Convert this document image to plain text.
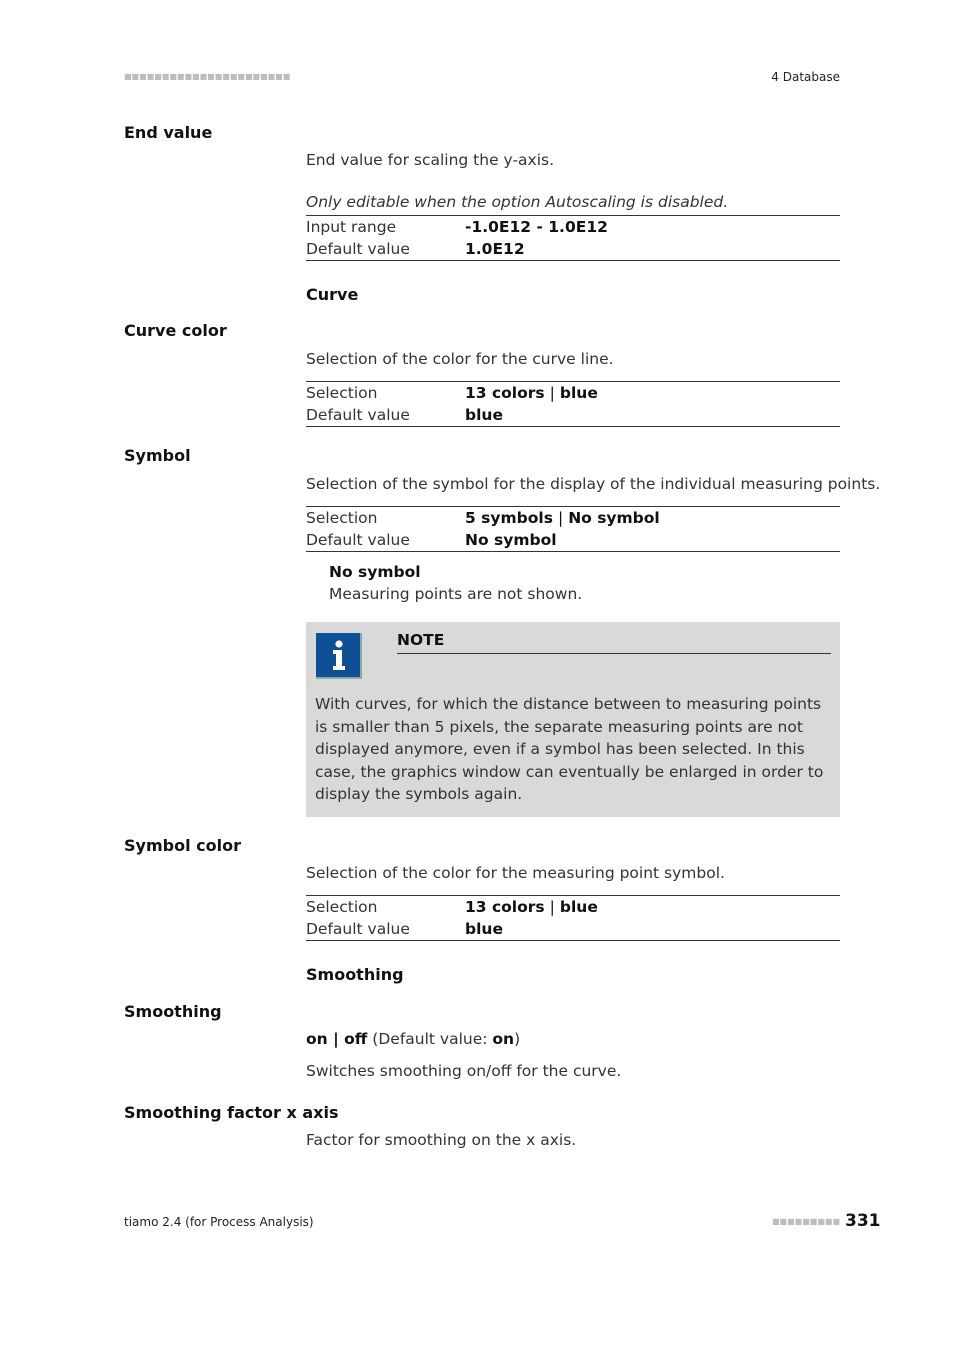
■■■■■■■■■■■■■■■■■■■■■■	4 Database
End value
End value for scaling the y-axis.
Only editable when the option Autoscaling is disabled.
Input range	-1.0E12 - 1.0E12
Default value	1.0E12
Curve
Curve color
Selection of the color for the curve line.
Selection	13 colors | blue
Default value	blue
Symbol
Selection of the symbol for the display of the individual measuring points.
Selection	5 symbols | No symbol
Default value	No symbol
No symbol
Measuring points are not shown.
NOTE
With curves, for which the distance between to measuring points is smaller than 5 pixels, the separate measuring points are not displayed anymore, even if a symbol has been selected. In this case, the graphics window can eventually be enlarged in order to display the symbols again.
Symbol color
Selection of the color for the measuring point symbol.
Selection	13 colors | blue
Default value	blue
Smoothing
Smoothing
on | off (Default value: on)
Switches smoothing on/off for the curve.
Smoothing factor x axis
Factor for smoothing on the x axis.
tiamo 2.4 (for Process Analysis)	■■■■■■■■■ 331
